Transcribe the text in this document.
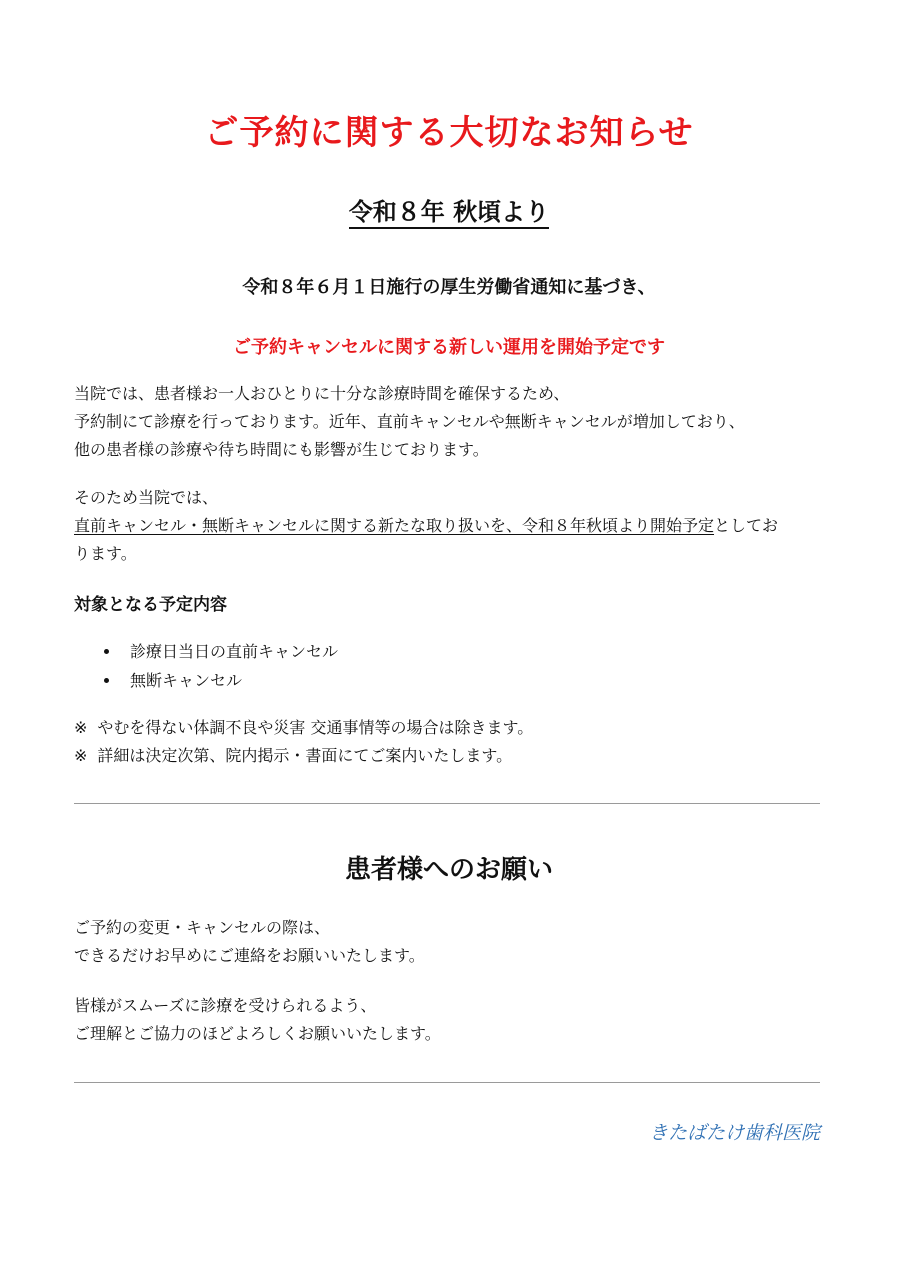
ご予約に関する大切なお知らせ

令和８年 秋頃より

令和８年６月１日施行の厚生労働省通知に基づき、

ご予約キャンセルに関する新しい運用を開始予定です

当院では、患者様お一人おひとりに十分な診療時間を確保するため、
予約制にて診療を行っております。近年、直前キャンセルや無断キャンセルが増加しており、
他の患者様の診療や待ち時間にも影響が生じております。
そのため当院では、
直前キャンセル・無断キャンセルに関する新たな取り扱いを、令和８年秋頃より開始予定としてお
ります。

対象となる予定内容

診療日当日の直前キャンセル
無断キャンセル
※ やむを得ない体調不良や災害 交通事情等の場合は除きます。
※ 詳細は決定次第、院内掲示・書面にてご案内いたします。
患者様へのお願い
ご予約の変更・キャンセルの際は、
できるだけお早めにご連絡をお願いいたします。
皆様がスムーズに診療を受けられるよう、
ご理解とご協力のほどよろしくお願いいたします。

きたばたけ歯科医院
